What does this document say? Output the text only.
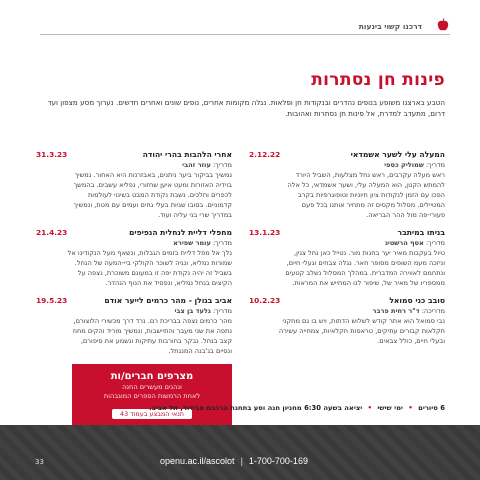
דרכנו קשוי בינעות
פינות חן נסתרות

הטבע בארצנו משופע בנופים נהדרים ובנקודות חן ופלאות. נגלה מקומות אחרים, נופים שונים ואחרים חדשים. נערוך מסע מצפון ועד דרום, מתעדב למדרת, אל פינות חן נסתרות ואהובות.

המעלה עלי לשער אשמדאי
מדריך: שמוליק כספי
ראש מעלה עקרבים, ראש נחל מצלעות, השביל היורד להמתש הקטן, הוא המעלה עלי, ושער אשמדאי, כל אלה הפכו עם הזמן לנקודות ציון חיוניות וטופוגרפיות בקרב המטיילים. מסלול מקסים זה מתחיר אותנו בכל פעם פעורי-פה מול ההר הבריאה.
2.12.22
בניתו במיתבר
מדריך: אסף הרשטיג
טיול בעקבות מאיר יער בחנות מור. נטייל כאן נחל צנין, וניזכה מעמ השופים מסופר חאר. נגלה צבחים וגעלי חיים, ונתחמם לאווירה המדברית. במהלך המסלול נשלב קטעים ממספריו של מאיר של, שיפור לנו המחייש את המראות.
13.1.23
סובב כני סמואל
מדריכה: ד"ר רחית פרבר
נבי סמואל הוא אתר קודש לשלוש הדתות, ויש בו גם מחקני חקלאות קבורים עתיקים, טראסות חקלאיות, צמחייה עשירה ובעלי חיים, כולל צבאים.
10.2.23
אחרי הלהבות בהרי יהודה
מדריך: עוזר זהבי
נמשיך בביקור ביער ניתנים, באבזרנות היא האחור. נמשיך בוידיה האזורות ומעט איען שחזורי, נפליא עשבים. בהמשך לכפרים וחלכים. נשבת נקודת המבט בשינוי לעולמות קדמוניים. בסובו שגיות בעלי גחים ועמים עם מטת, ונמשיך במדריך שרי בני עליה ועוד.
31.3.23
מחפלי דליית לנחלית הנפיפים
מדריך: עומר שפירא
נלך אל מפל דליית בזמים הגבלות, ונשאף מעל הנקודינו אל שמורות נמליא, ונגיה לשוכר הקולקי ביי-המעה של הנחל. בשביל זה יהיה נקודת יפה זו במעונם משוכרת, נצפה על הקיצים בנחל נמליא, ונפסיד את הנוף הנהדר.
21.4.23
אביב בגולן - מהר כרמים לייער אודם
מדריך: גלעד בן צבי
מהר כרמים נצפה בבריכת רם. נרד דרך מכשירי הלוצורם, נתפה את שני מעבר והתיישבות, ונמשיך מוריד והקים מחוז קצב בנחל. נבקר בחורבות עתיקות ונשמע את סיפורם, ונסיים בג'בנה המנגתל.
19.5.23
מצרפים חברים/ות
ונהנים מעשרים החנה
לאחת הרמשות הספרים המוגבהות
תנאי המבצע בעמוד 43
6 סיורים • ימי שישי • יציאה בשעה 6:30 מחניון חנה וסע בתחנת הרכבת סבידור, תל אביב.
openu.ac.il/ascolot | 1-700-700-169
33
